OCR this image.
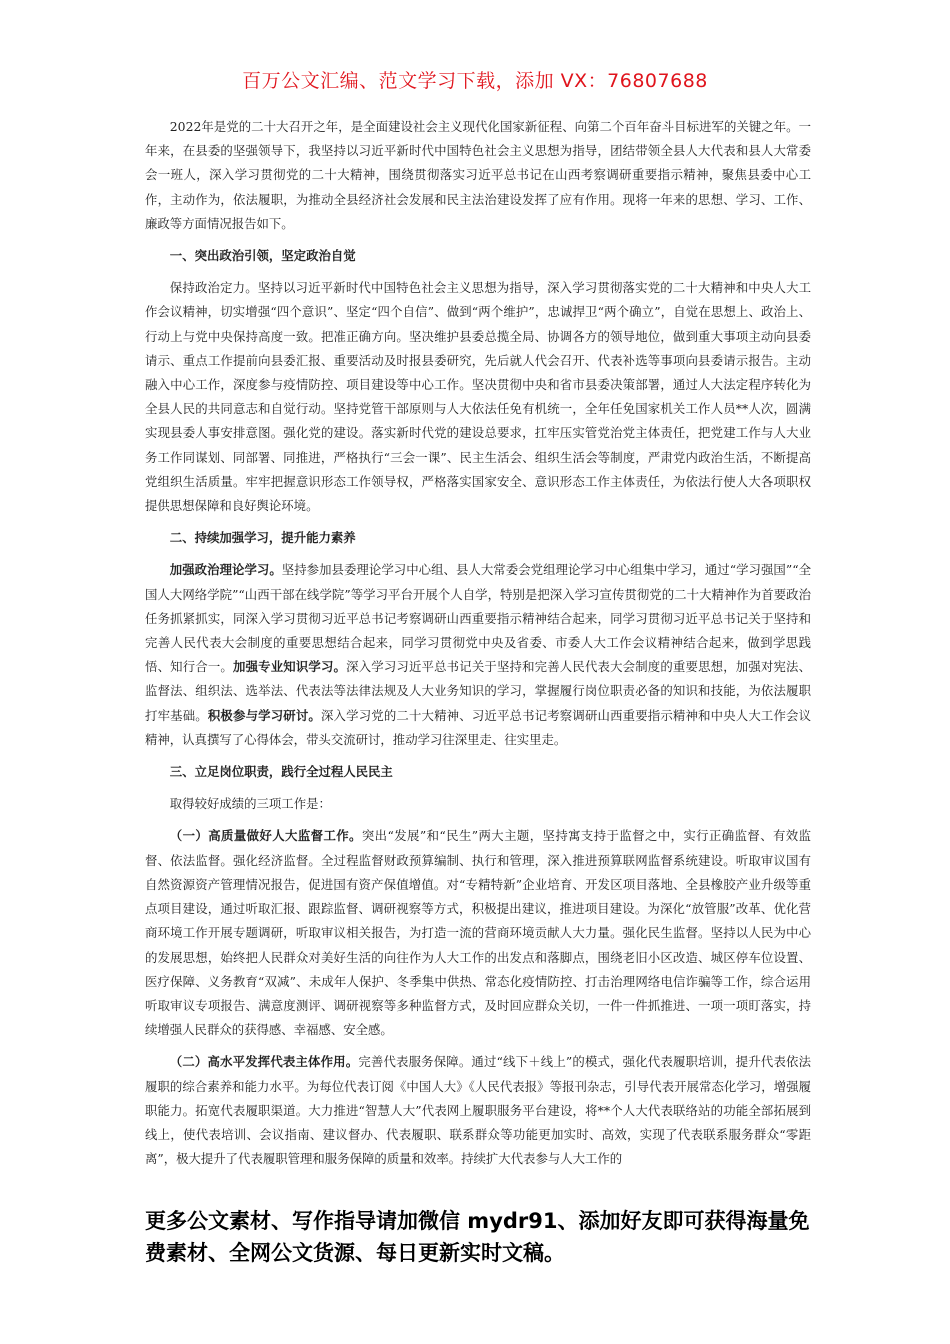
百万公文汇编、范文学习下载，添加 VX：76807688

2022年是党的二十大召开之年，是全面建设社会主义现代化国家新征程、向第二个百年奋斗目标进军的关键之年。一年来，在县委的坚强领导下，我坚持以习近平新时代中国特色社会主义思想为指导，团结带领全县人大代表和县人大常委会一班人，深入学习贯彻党的二十大精神，围绕贯彻落实习近平总书记在山西考察调研重要指示精神，聚焦县委中心工作，主动作为，依法履职，为推动全县经济社会发展和民主法治建设发挥了应有作用。现将一年来的思想、学习、工作、廉政等方面情况报告如下。

一、突出政治引领，坚定政治自觉

保持政治定力。坚持以习近平新时代中国特色社会主义思想为指导，深入学习贯彻落实党的二十大精神和中央人大工作会议精神，切实增强“四个意识”、坚定“四个自信”、做到“两个维护”，忠诚捍卫“两个确立”，自觉在思想上、政治上、行动上与党中央保持高度一致。把准正确方向。坚决维护县委总揽全局、协调各方的领导地位，做到重大事项主动向县委请示、重点工作提前向县委汇报、重要活动及时报县委研究，先后就人代会召开、代表补选等事项向县委请示报告。主动融入中心工作，深度参与疫情防控、项目建设等中心工作。坚决贯彻中央和省市县委决策部署，通过人大法定程序转化为全县人民的共同意志和自觉行动。坚持党管干部原则与人大依法任免有机统一，全年任免国家机关工作人员**人次，圆满实现县委人事安排意图。强化党的建设。落实新时代党的建设总要求，扛牢压实管党治党主体责任，把党建工作与人大业务工作同谋划、同部署、同推进，严格执行“三会一课”、民主生活会、组织生活会等制度，严肃党内政治生活，不断提高党组织生活质量。牢牢把握意识形态工作领导权，严格落实国家安全、意识形态工作主体责任，为依法行使人大各项职权提供思想保障和良好舆论环境。

二、持续加强学习，提升能力素养

加强政治理论学习。坚持参加县委理论学习中心组、县人大常委会党组理论学习中心组集中学习，通过“学习强国”“全国人大网络学院”“山西干部在线学院”等学习平台开展个人自学，特别是把深入学习宣传贯彻党的二十大精神作为首要政治任务抓紧抓实，同深入学习贯彻习近平总书记考察调研山西重要指示精神结合起来，同学习贯彻习近平总书记关于坚持和完善人民代表大会制度的重要思想结合起来，同学习贯彻党中央及省委、市委人大工作会议精神结合起来，做到学思践悟、知行合一。加强专业知识学习。深入学习习近平总书记关于坚持和完善人民代表大会制度的重要思想，加强对宪法、监督法、组织法、选举法、代表法等法律法规及人大业务知识的学习，掌握履行岗位职责必备的知识和技能，为依法履职打牢基础。积极参与学习研讨。深入学习党的二十大精神、习近平总书记考察调研山西重要指示精神和中央人大工作会议精神，认真撰写了心得体会，带头交流研讨，推动学习往深里走、往实里走。

三、立足岗位职责，践行全过程人民民主

取得较好成绩的三项工作是：

（一）高质量做好人大监督工作。突出“发展”和“民生”两大主题，坚持寓支持于监督之中，实行正确监督、有效监督、依法监督。强化经济监督。全过程监督财政预算编制、执行和管理，深入推进预算联网监督系统建设。听取审议国有自然资源资产管理情况报告，促进国有资产保值增值。对“专精特新”企业培育、开发区项目落地、全县橡胶产业升级等重点项目建设，通过听取汇报、跟踪监督、调研视察等方式，积极提出建议，推进项目建设。为深化“放管服”改革、优化营商环境工作开展专题调研，听取审议相关报告，为打造一流的营商环境贡献人大力量。强化民生监督。坚持以人民为中心的发展思想，始终把人民群众对美好生活的向往作为人大工作的出发点和落脚点，围绕老旧小区改造、城区停车位设置、医疗保障、义务教育“双减”、未成年人保护、冬季集中供热、常态化疫情防控、打击治理网络电信诈骗等工作，综合运用听取审议专项报告、满意度测评、调研视察等多种监督方式，及时回应群众关切，一件一件抓推进、一项一项盯落实，持续增强人民群众的获得感、幸福感、安全感。

（二）高水平发挥代表主体作用。完善代表服务保障。通过“线下＋线上”的模式，强化代表履职培训，提升代表依法履职的综合素养和能力水平。为每位代表订阅《中国人大》《人民代表报》等报刊杂志，引导代表开展常态化学习，增强履职能力。拓宽代表履职渠道。大力推进“智慧人大”代表网上履职服务平台建设，将**个人大代表联络站的功能全部拓展到线上，使代表培训、会议指南、建议督办、代表履职、联系群众等功能更加实时、高效，实现了代表联系服务群众“零距离”，极大提升了代表履职管理和服务保障的质量和效率。持续扩大代表参与人大工作的

更多公文素材、写作指导请加微信 mydr91、添加好友即可获得海量免费素材、全网公文货源、每日更新实时文稿。
